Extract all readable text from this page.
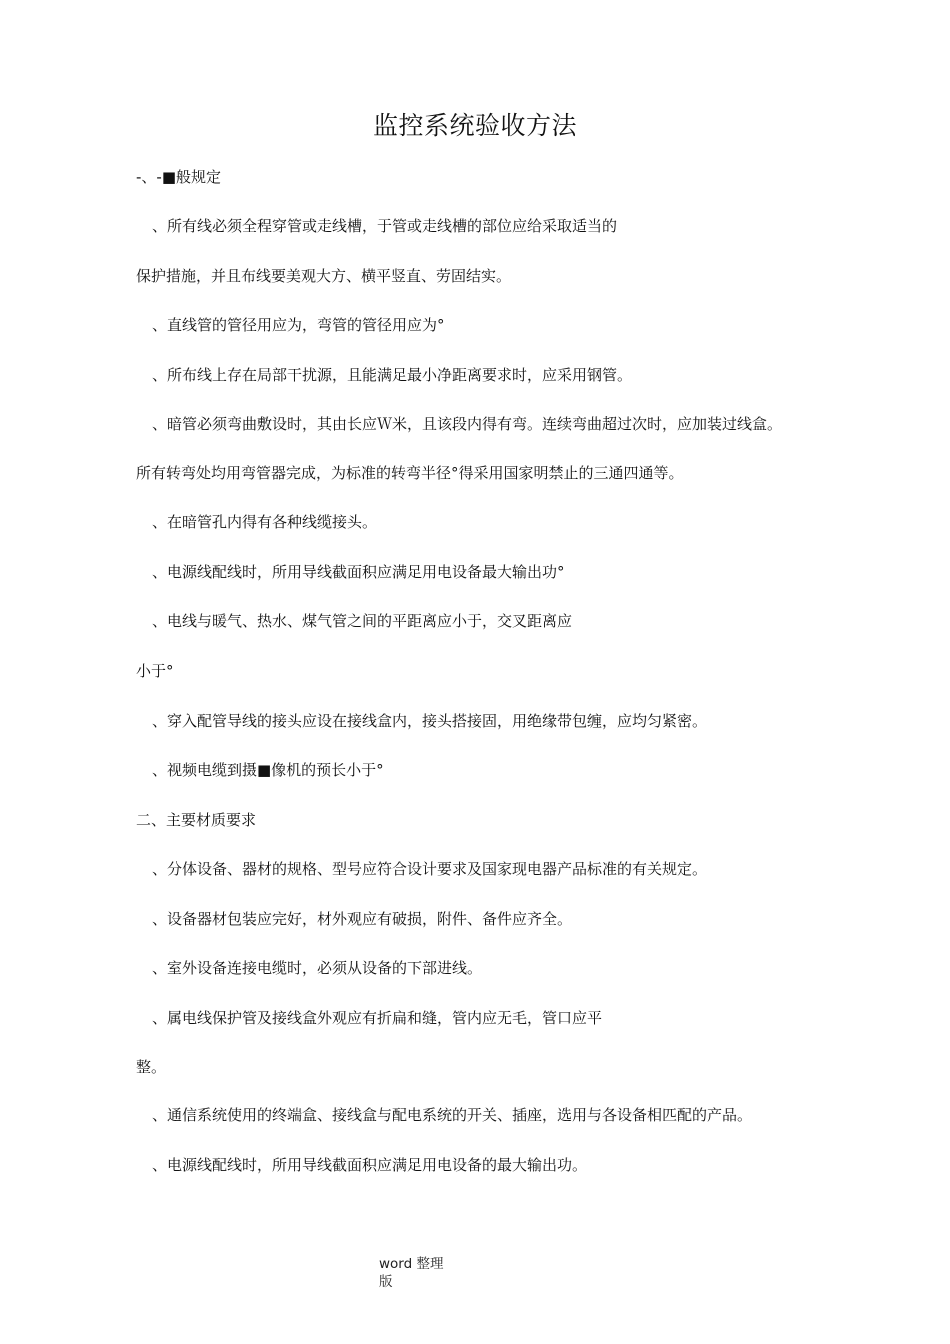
监控系统验收方法
-、-■般规定
、所有线必须全程穿管或走线槽，于管或走线槽的部位应给采取适当的
保护措施，并且布线要美观大方、横平竖直、劳固结实。
、直线管的管径用应为，弯管的管径用应为°
、所布线上存在局部干扰源，且能满足最小净距离要求时，应采用钢管。
、暗管必须弯曲敷设时，其由长应Ｗ米，且该段内得有弯。连续弯曲超过次时，应加装过线盒。
所有转弯处均用弯管器完成，为标准的转弯半径°得采用国家明禁止的三通四通等。
、在暗管孔内得有各种线缆接头。
、电源线配线时，所用导线截面积应满足用电设备最大输出功°
、电线与暖气、热水、煤气管之间的平距离应小于，交叉距离应
小于°
、穿入配管导线的接头应设在接线盒内，接头搭接固，用绝缘带包缠，应均匀紧密。
、视频电缆到摄■像机的预长小于°
二、主要材质要求
、分体设备、器材的规格、型号应符合设计要求及国家现电器产品标准的有关规定。
、设备器材包装应完好，材外观应有破损，附件、备件应齐全。
、室外设备连接电缆时，必须从设备的下部进线。
、属电线保护管及接线盒外观应有折扁和缝，管内应无毛，管口应平
整。
、通信系统使用的终端盒、接线盒与配电系统的开关、插座，选用与各设备相匹配的产品。
、电源线配线时，所用导线截面积应满足用电设备的最大输出功。
word 整理
版
